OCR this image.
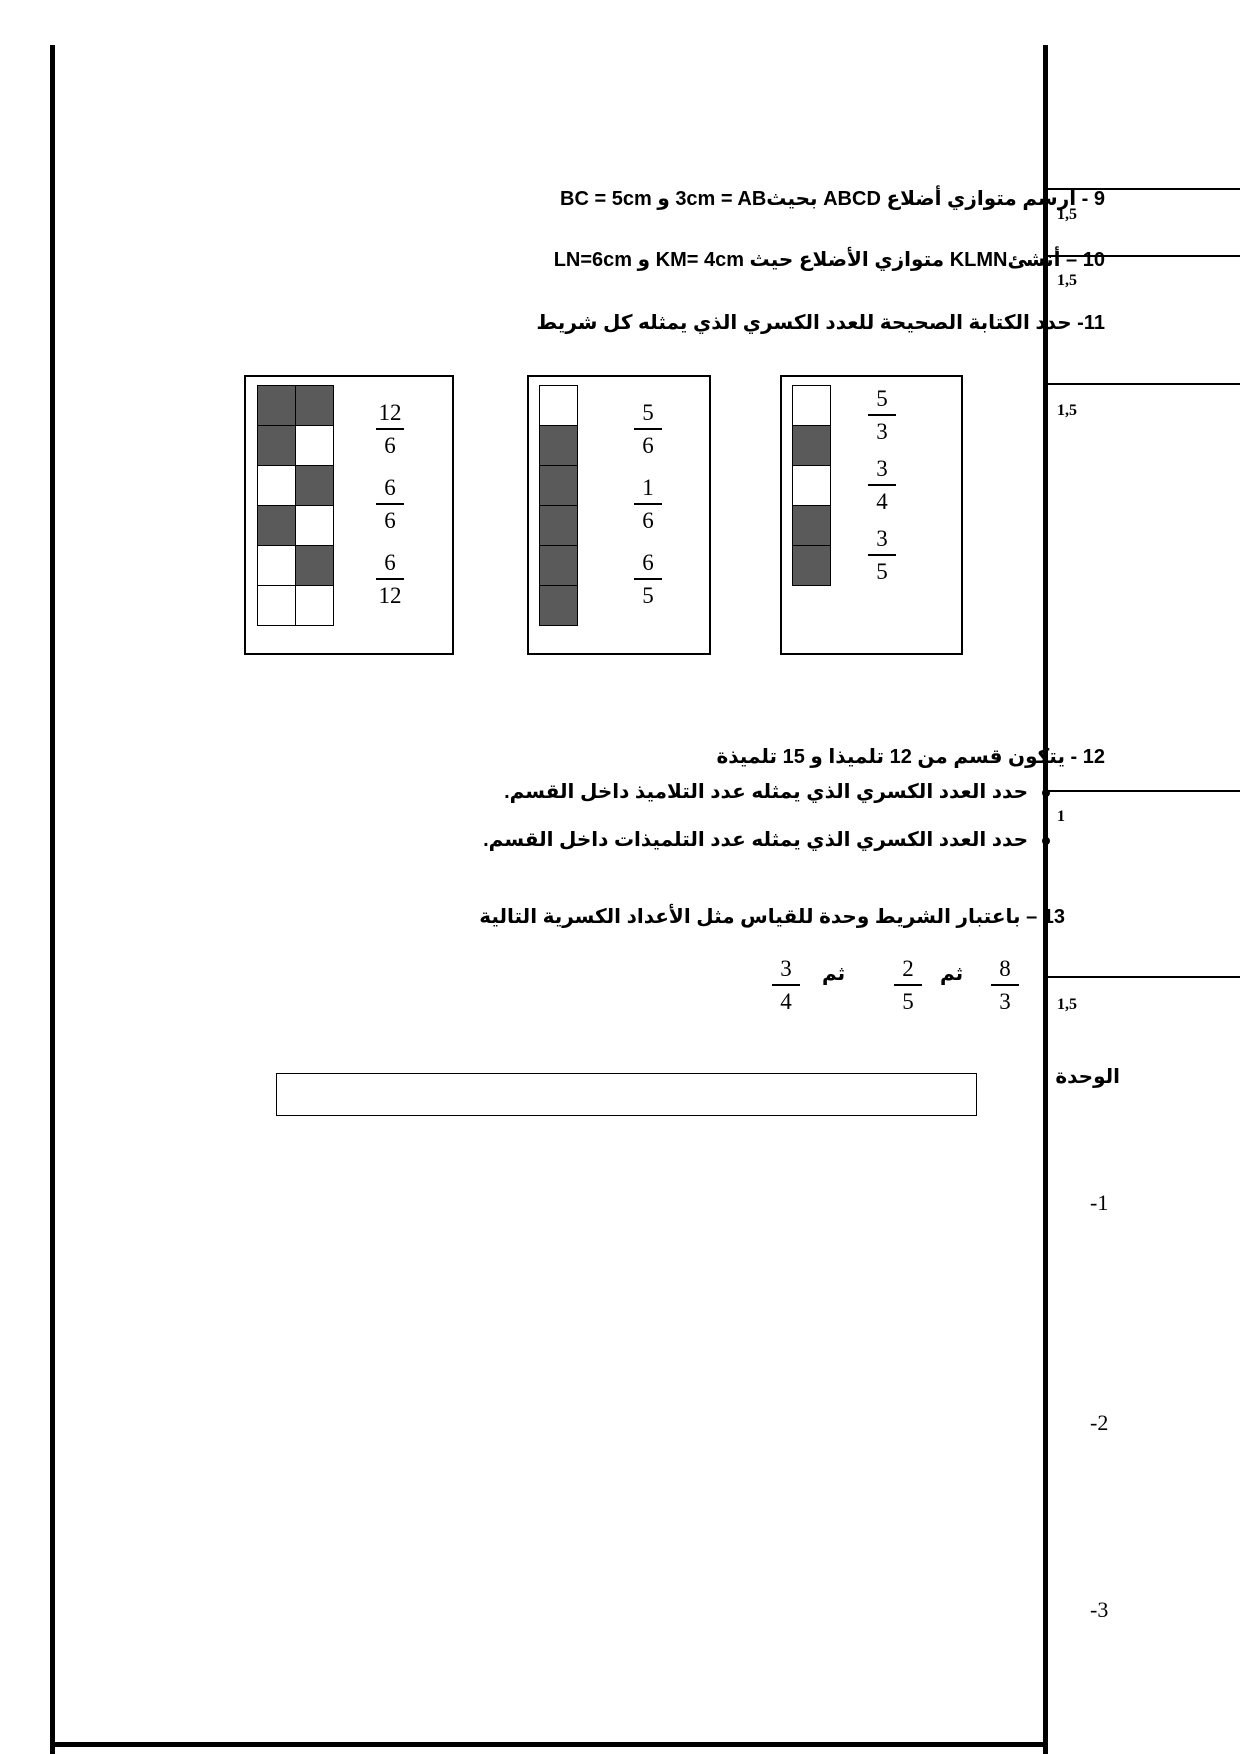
1,5
1,5
1,5
1
1,5
9 - ارسم متوازي أضلاع ABCD بحيث3cm = AB و BC = 5cm
10 – أنشئKLMN متوازي الأضلاع حيث KM= 4cm و LN=6cm
11- حدد الكتابة الصحيحة للعدد الكسري الذي يمثله كل شريط
12
6
6
6
6
12
5
6
1
6
6
5
5
3
3
4
3
5
12 - يتكون قسم من 12 تلميذا و 15 تلميذة
حدد العدد الكسري الذي يمثله عدد التلاميذ داخل القسم.
حدد العدد الكسري الذي يمثله عدد التلميذات داخل القسم.
13 – باعتبار الشريط وحدة للقياس مثل الأعداد الكسرية التالية
3
4
2
5
8
3
ثم	ثم
الوحدة
-1
-2
-3
